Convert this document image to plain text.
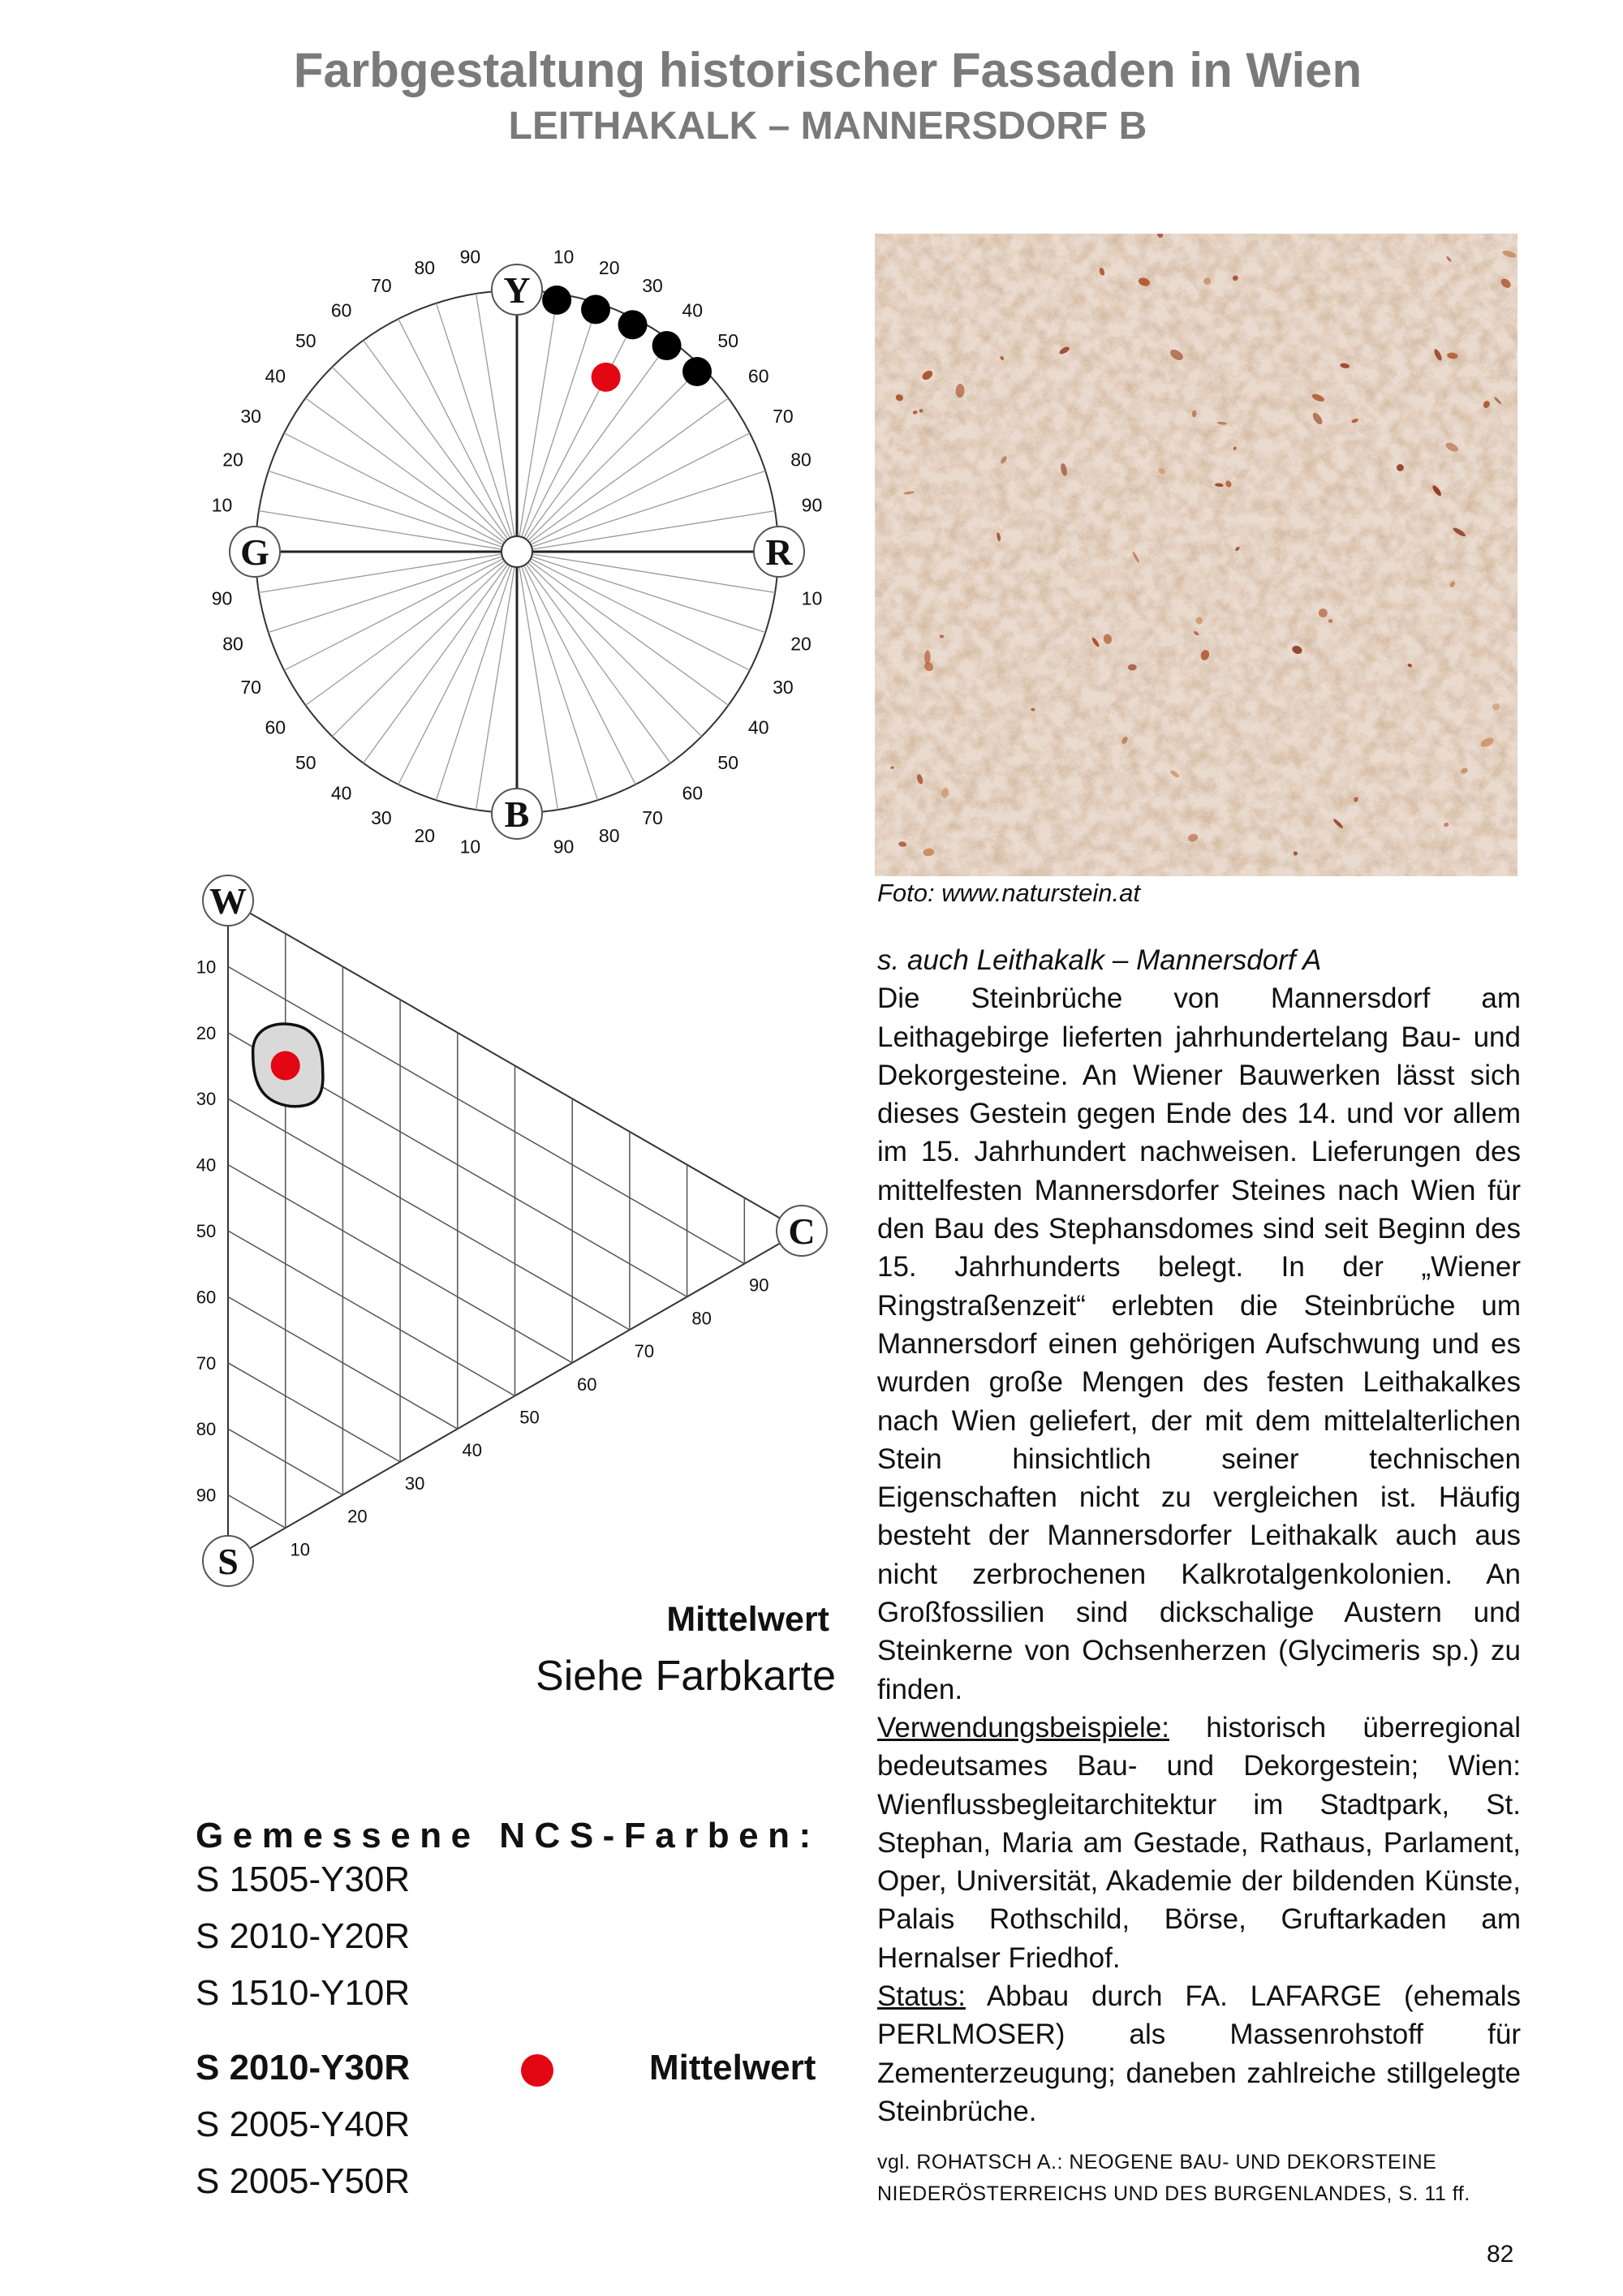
Farbgestaltung historischer Fassaden in Wien
LEITHAKALK – MANNERSDORF B
10
20
30
40
50
60
70
80
90
10
20
30
40
50
60
70
80
90
10
20
30
40
50
60
70
80
90
10
20
30
40
50
60
70
80
90
Y
R
B
G
10
10
20
20
30
30
40
40
50
50
60
60
70
70
80
80
90
90
W
C
S
Foto: www.naturstein.at

s. auch Leithakalk – Mannersdorf A

Die Steinbrüche von Mannersdorf am Leithagebirge lieferten jahrhundertelang Bau- und Dekorgesteine. An Wiener Bauwerken lässt sich dieses Gestein gegen Ende des 14. und vor allem im 15. Jahrhundert nachweisen. Lieferungen des mittelfesten Mannersdorfer Steines nach Wien für den Bau des Stephansdomes sind seit Beginn des 15. Jahrhunderts belegt. In der „Wiener Ringstraßenzeit“ erlebten die Steinbrüche um Mannersdorf einen gehörigen Aufschwung und es wurden große Mengen des festen Leithakalkes nach Wien geliefert, der mit dem mittelalterlichen Stein hinsichtlich seiner technischen Eigenschaften nicht zu vergleichen ist. Häufig besteht der Mannersdorfer Leithakalk auch aus nicht zerbrochenen Kalkrotalgenkolonien. An Großfossilien sind dickschalige Austern und Steinkerne von Ochsenherzen (Glycimeris sp.) zu finden.

Verwendungsbeispiele: historisch überregional bedeutsames Bau- und Dekorgestein; Wien: Wienflussbegleitarchitektur im Stadtpark, St. Stephan, Maria am Gestade, Rathaus, Parlament, Oper, Universität, Akademie der bildenden Künste, Palais Rothschild, Börse, Gruftarkaden am Hernalser Friedhof.

Status: Abbau durch FA. LAFARGE (ehemals PERLMOSER) als Massenrohstoff für Zementerzeugung; daneben zahlreiche stillgelegte Steinbrüche.

vgl. ROHATSCH A.: NEOGENE BAU- UND DEKORSTEINE NIEDERÖSTERREICHS UND DES BURGENLANDES, S. 11 ff.
82
Mittelwert
Siehe Farbkarte
Gemessene NCS-Farben:
S 1505-Y30R
S 2010-Y20R
S 1510-Y10R
S 2010-Y30R	Mittelwert
S 2005-Y40R
S 2005-Y50R
